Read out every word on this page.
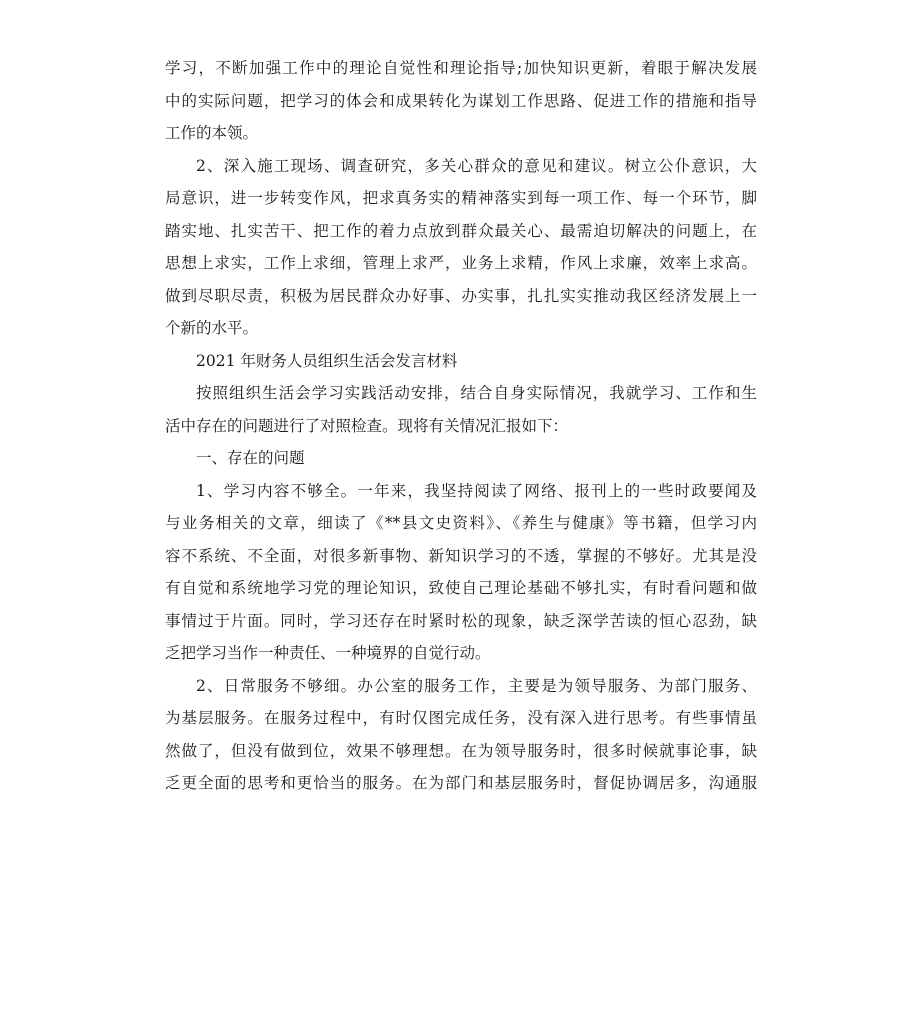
学习，不断加强工作中的理论自觉性和理论指导;加快知识更新，着眼于解决发展
中的实际问题，把学习的体会和成果转化为谋划工作思路、促进工作的措施和指导
工作的本领。

2、深入施工现场、调查研究，多关心群众的意见和建议。树立公仆意识，大
局意识，进一步转变作风，把求真务实的精神落实到每一项工作、每一个环节，脚
踏实地、扎实苦干、把工作的着力点放到群众最关心、最需迫切解决的问题上，在
思想上求实，工作上求细，管理上求严，业务上求精，作风上求廉，效率上求高。
做到尽职尽责，积极为居民群众办好事、办实事，扎扎实实推动我区经济发展上一
个新的水平。

2021 年财务人员组织生活会发言材料

按照组织生活会学习实践活动安排，结合自身实际情况，我就学习、工作和生
活中存在的问题进行了对照检查。现将有关情况汇报如下：

一、存在的问题

1、学习内容不够全。一年来，我坚持阅读了网络、报刊上的一些时政要闻及
与业务相关的文章，细读了《**县文史资料》、《养生与健康》等书籍，但学习内
容不系统、不全面，对很多新事物、新知识学习的不透，掌握的不够好。尤其是没
有自觉和系统地学习党的理论知识，致使自己理论基础不够扎实，有时看问题和做
事情过于片面。同时，学习还存在时紧时松的现象，缺乏深学苦读的恒心忍劲，缺
乏把学习当作一种责任、一种境界的自觉行动。

2、日常服务不够细。办公室的服务工作，主要是为领导服务、为部门服务、
为基层服务。在服务过程中，有时仅图完成任务，没有深入进行思考。有些事情虽
然做了，但没有做到位，效果不够理想。在为领导服务时，很多时候就事论事，缺
乏更全面的思考和更恰当的服务。在为部门和基层服务时，督促协调居多，沟通服
